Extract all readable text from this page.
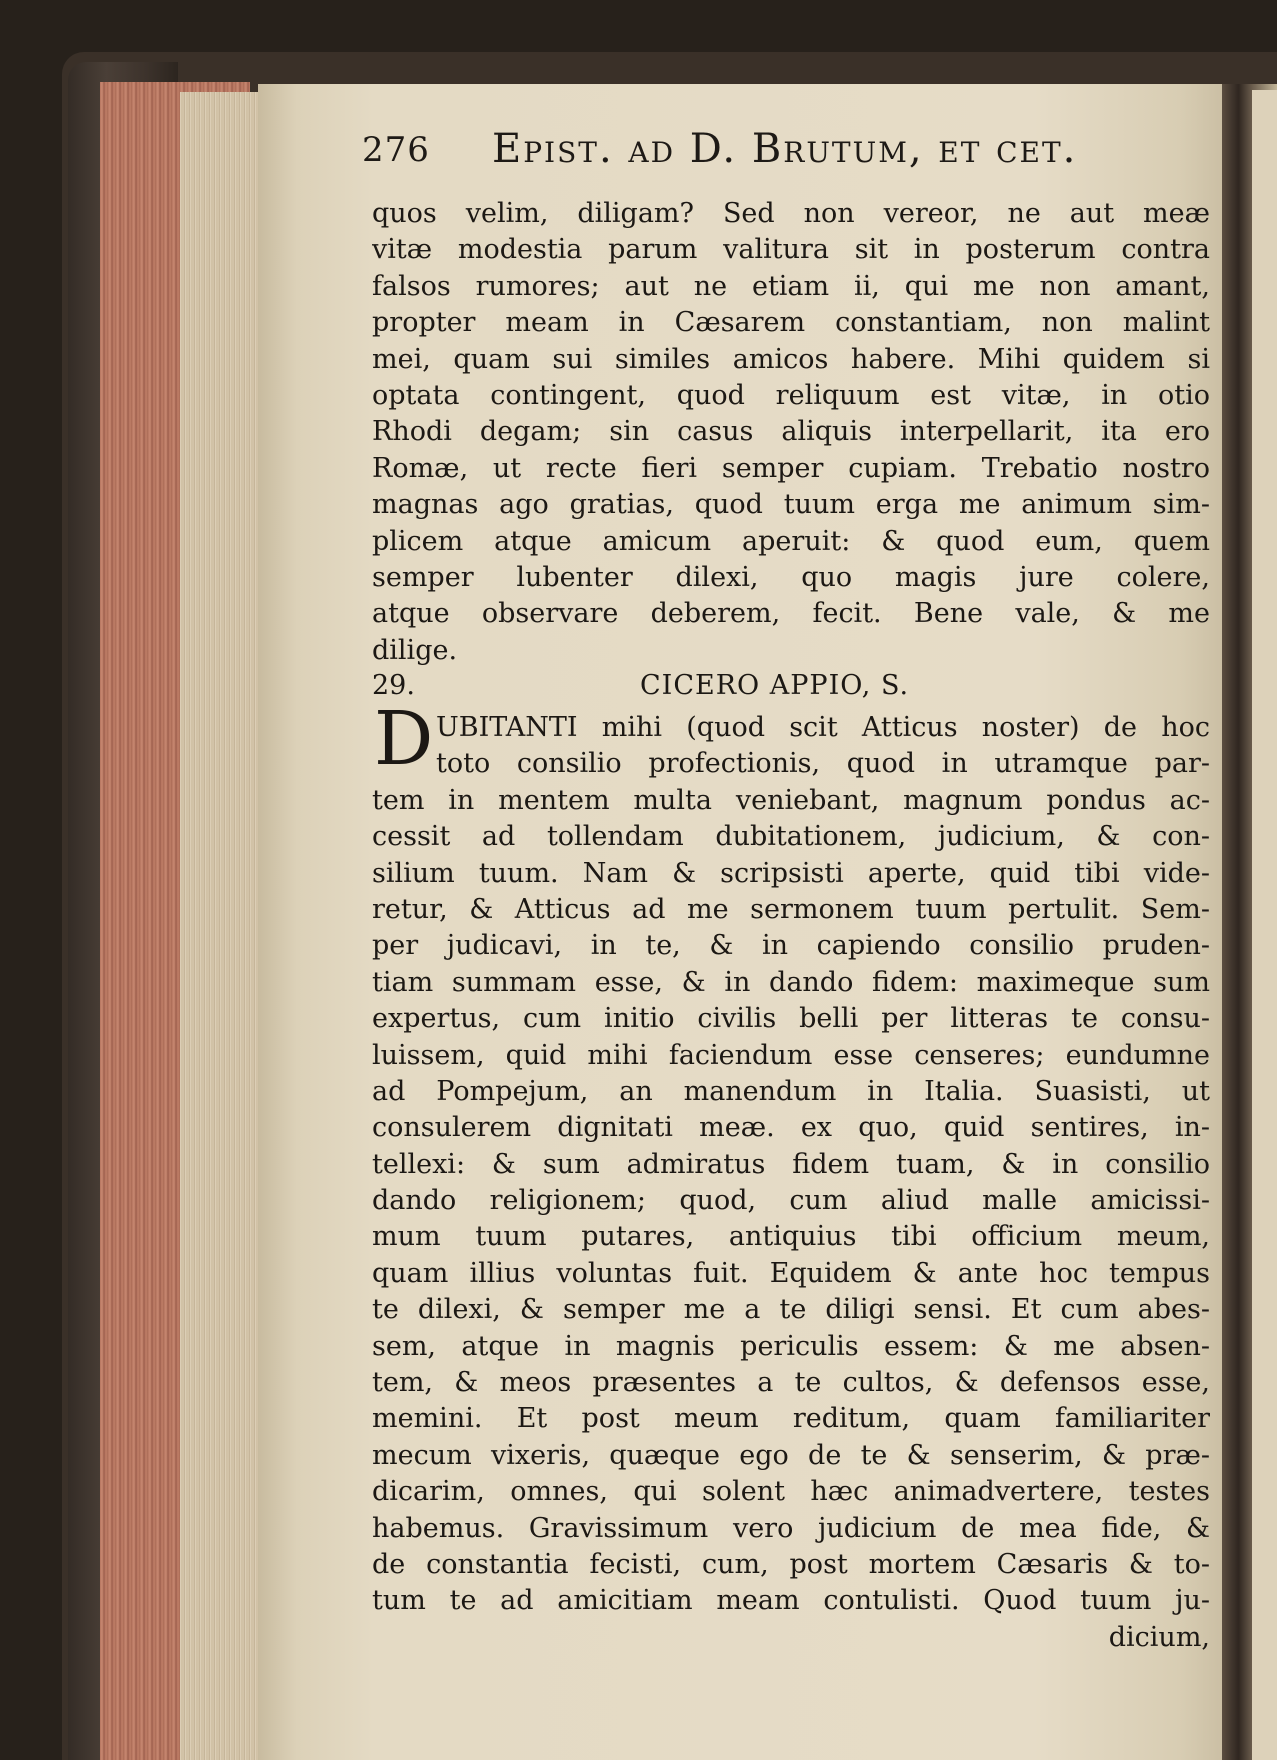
276 Epist. ad D. Brutum, et cet.
quos velim, diligam? Sed non vereor, ne aut meæ
vitæ modestia parum valitura sit in posterum contra
falsos rumores; aut ne etiam ii, qui me non amant,
propter meam in Cæsarem constantiam, non malint
mei, quam sui similes amicos habere. Mihi quidem si
optata contingent, quod reliquum est vitæ, in otio
Rhodi degam; sin casus aliquis interpellarit, ita ero
Romæ, ut recte fieri semper cupiam. Trebatio nostro
magnas ago gratias, quod tuum erga me animum sim-
plicem atque amicum aperuit: & quod eum, quem
semper lubenter dilexi, quo magis jure colere,
atque observare deberem, fecit. Bene vale, & me
dilige.
29.	CICERO APPIO, S.
D UBITANTI mihi (quod scit Atticus noster) de hoc
toto consilio profectionis, quod in utramque par-
tem in mentem multa veniebant, magnum pondus ac-
cessit ad tollendam dubitationem, judicium, & con-
silium tuum. Nam & scripsisti aperte, quid tibi vide-
retur, & Atticus ad me sermonem tuum pertulit. Sem-
per judicavi, in te, & in capiendo consilio pruden-
tiam summam esse, & in dando fidem: maximeque sum
expertus, cum initio civilis belli per litteras te consu-
luissem, quid mihi faciendum esse censeres; eundumne
ad Pompejum, an manendum in Italia. Suasisti, ut
consulerem dignitati meæ. ex quo, quid sentires, in-
tellexi: & sum admiratus fidem tuam, & in consilio
dando religionem; quod, cum aliud malle amicissi-
mum tuum putares, antiquius tibi officium meum,
quam illius voluntas fuit. Equidem & ante hoc tempus
te dilexi, & semper me a te diligi sensi. Et cum abes-
sem, atque in magnis periculis essem: & me absen-
tem, & meos præsentes a te cultos, & defensos esse,
memini. Et post meum reditum, quam familiariter
mecum vixeris, quæque ego de te & senserim, & præ-
dicarim, omnes, qui solent hæc animadvertere, testes
habemus. Gravissimum vero judicium de mea fide, &
de constantia fecisti, cum, post mortem Cæsaris & to-
tum te ad amicitiam meam contulisti. Quod tuum ju-
dicium,
